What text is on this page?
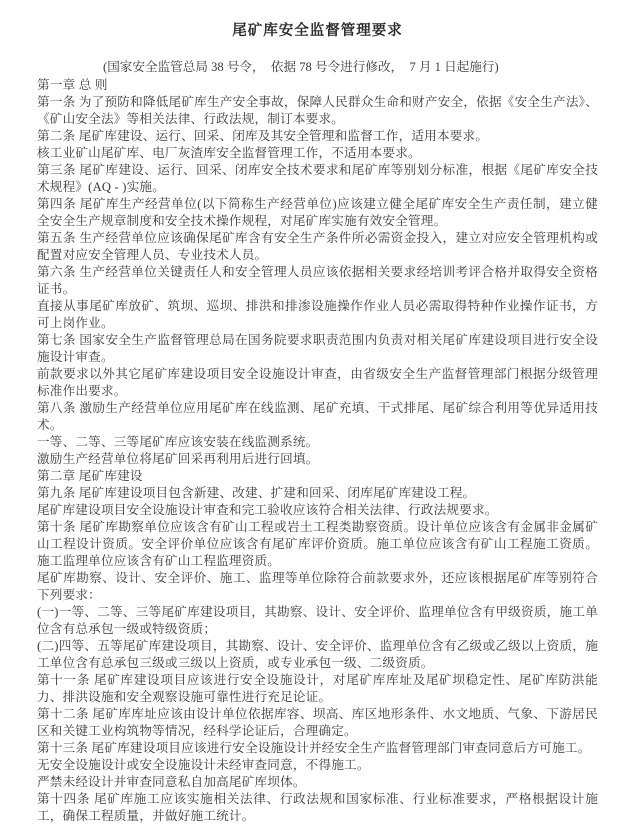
尾矿库安全监督管理要求

(国家安全监管总局 38 号令，  依据 78 号令进行修改，  7 月 1 日起施行)

第一章 总 则

第一条 为了预防和降低尾矿库生产安全事故，保障人民群众生命和财产安全，依据《安全生产法》、《矿山安全法》等相关法律、行政法规，制订本要求。

第二条 尾矿库建设、运行、回采、闭库及其安全管理和监督工作，适用本要求。

核工业矿山尾矿库、电厂灰渣库安全监督管理工作，不适用本要求。

第三条 尾矿库建设、运行、回采、闭库安全技术要求和尾矿库等别划分标准，根据《尾矿库安全技术规程》(AQ - )实施。

第四条 尾矿库生产经营单位(以下简称生产经营单位)应该建立健全尾矿库安全生产责任制，建立健全安全生产规章制度和安全技术操作规程，对尾矿库实施有效安全管理。

第五条 生产经营单位应该确保尾矿库含有安全生产条件所必需资金投入，建立对应安全管理机构或配置对应安全管理人员、专业技术人员。

第六条 生产经营单位关键责任人和安全管理人员应该依据相关要求经培训考评合格并取得安全资格证书。

直接从事尾矿库放矿、筑坝、巡坝、排洪和排渗设施操作作业人员必需取得特种作业操作证书，方可上岗作业。

第七条 国家安全生产监督管理总局在国务院要求职责范围内负责对相关尾矿库建设项目进行安全设施设计审查。

前款要求以外其它尾矿库建设项目安全设施设计审查，由省级安全生产监督管理部门根据分级管理标准作出要求。

第八条 激励生产经营单位应用尾矿库在线监测、尾矿充填、干式排尾、尾矿综合利用等优异适用技术。

一等、二等、三等尾矿库应该安装在线监测系统。

激励生产经营单位将尾矿回采再利用后进行回填。

第二章 尾矿库建设

第九条 尾矿库建设项目包含新建、改建、扩建和回采、闭库尾矿库建设工程。

尾矿库建设项目安全设施设计审查和完工验收应该符合相关法律、行政法规要求。

第十条 尾矿库勘察单位应该含有矿山工程或岩土工程类勘察资质。设计单位应该含有金属非金属矿山工程设计资质。安全评价单位应该含有尾矿库评价资质。施工单位应该含有矿山工程施工资质。施工监理单位应该含有矿山工程监理资质。

尾矿库勘察、设计、安全评价、施工、监理等单位除符合前款要求外，还应该根据尾矿库等别符合下列要求：

(一)一等、二等、三等尾矿库建设项目，其勘察、设计、安全评价、监理单位含有甲级资质，施工单位含有总承包一级或特级资质；

(二)四等、五等尾矿库建设项目，其勘察、设计、安全评价、监理单位含有乙级或乙级以上资质，施工单位含有总承包三级或三级以上资质，或专业承包一级、二级资质。

第十一条 尾矿库建设项目应该进行安全设施设计，对尾矿库库址及尾矿坝稳定性、尾矿库防洪能力、排洪设施和安全观察设施可靠性进行充足论证。

第十二条 尾矿库库址应该由设计单位依据库容、坝高、库区地形条件、水文地质、气象、下游居民区和关键工业构筑物等情况，经科学论证后，合理确定。

第十三条 尾矿库建设项目应该进行安全设施设计并经安全生产监督管理部门审查同意后方可施工。

无安全设施设计或安全设施设计未经审查同意，不得施工。

严禁未经设计并审查同意私自加高尾矿库坝体。

第十四条 尾矿库施工应该实施相关法律、行政法规和国家标准、行业标准要求，严格根据设计施工，确保工程质量，并做好施工统计。
